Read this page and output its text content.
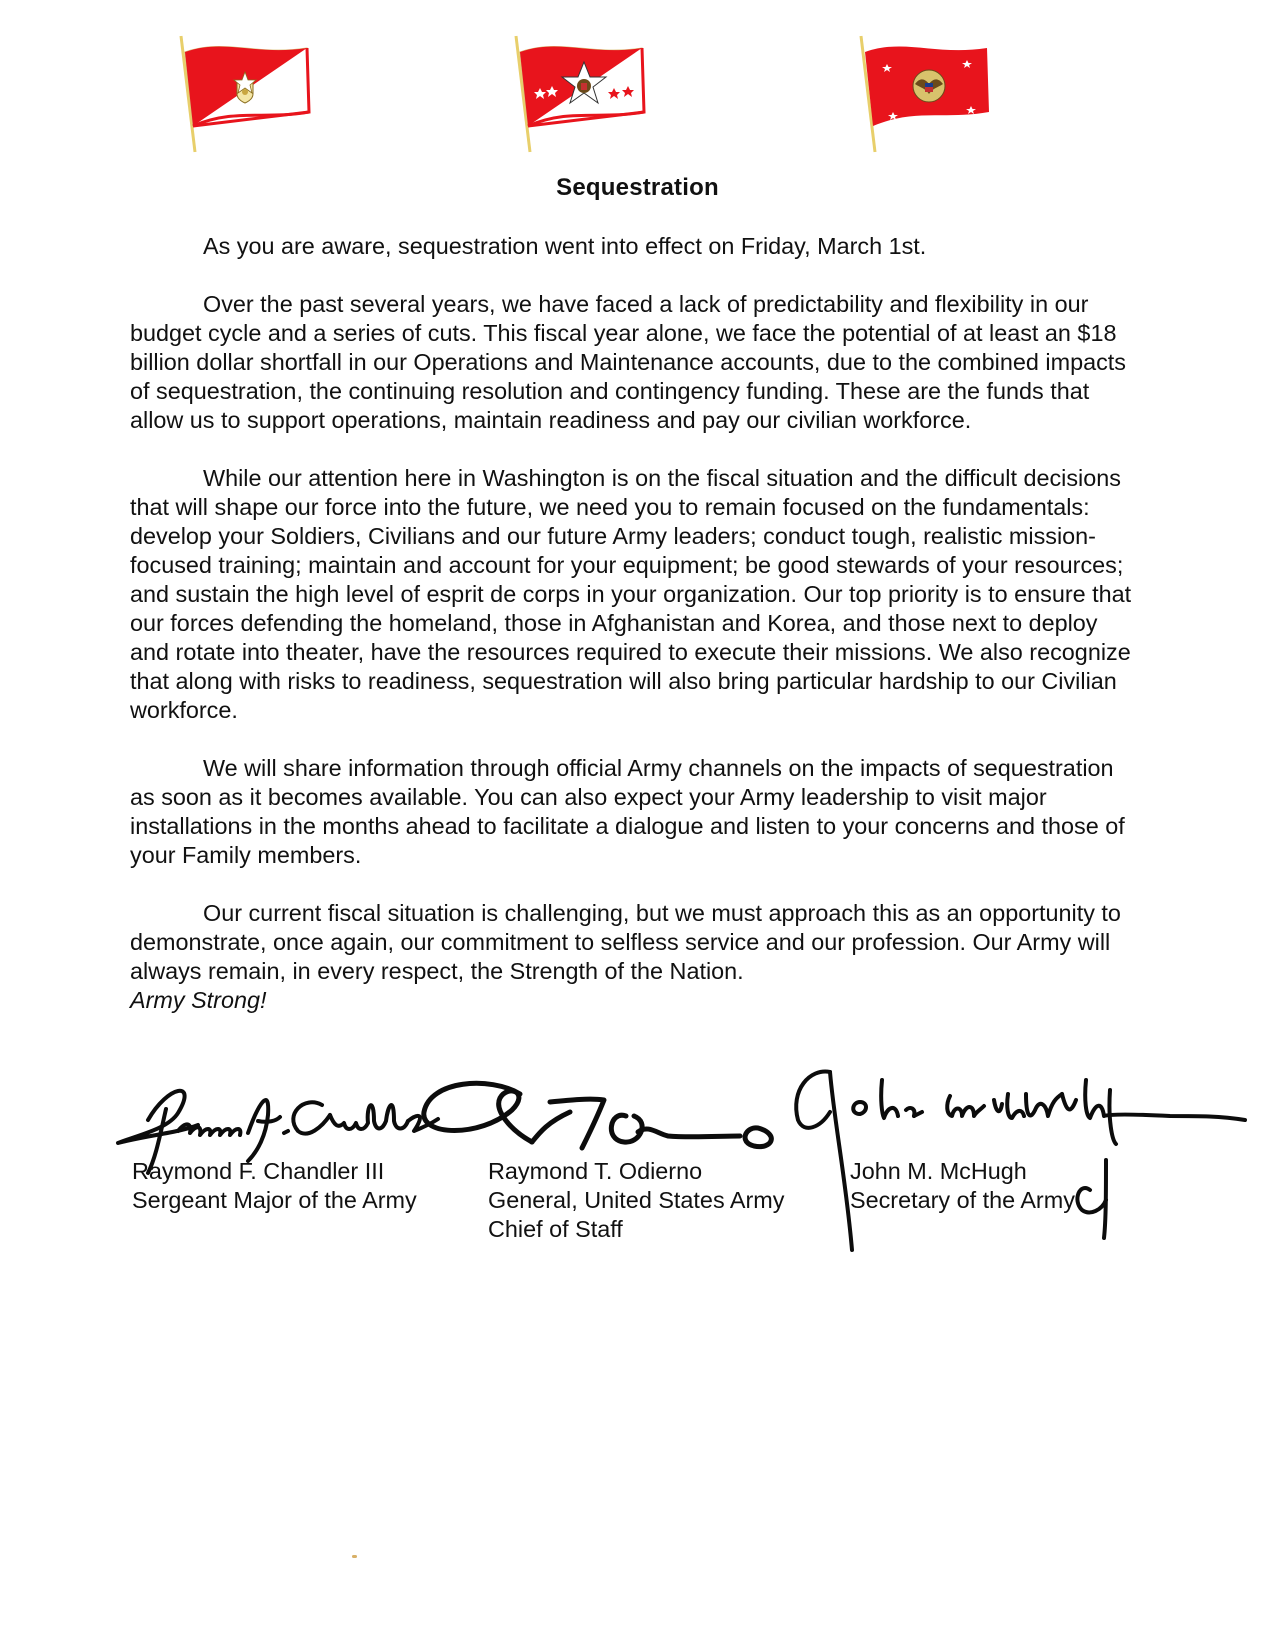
Sequestration

As you are aware, sequestration went into effect on Friday, March 1st.

Over the past several years, we have faced a lack of predictability and flexibility in our budget cycle and a series of cuts. This fiscal year alone, we face the potential of at least an $18 billion dollar shortfall in our Operations and Maintenance accounts, due to the combined impacts of sequestration, the continuing resolution and contingency funding. These are the funds that allow us to support operations, maintain readiness and pay our civilian workforce.

While our attention here in Washington is on the fiscal situation and the difficult decisions that will shape our force into the future, we need you to remain focused on the fundamentals: develop your Soldiers, Civilians and our future Army leaders; conduct tough, realistic mission-focused training; maintain and account for your equipment; be good stewards of your resources; and sustain the high level of esprit de corps in your organization. Our top priority is to ensure that our forces defending the homeland, those in Afghanistan and Korea, and those next to deploy and rotate into theater, have the resources required to execute their missions. We also recognize that along with risks to readiness, sequestration will also bring particular hardship to our Civilian workforce.

We will share information through official Army channels on the impacts of sequestration as soon as it becomes available. You can also expect your Army leadership to visit major installations in the months ahead to facilitate a dialogue and listen to your concerns and those of your Family members.

Our current fiscal situation is challenging, but we must approach this as an opportunity to demonstrate, once again, our commitment to selfless service and our profession. Our Army will always remain, in every respect, the Strength of the Nation.
Army Strong!

Raymond F. Chandler III
Sergeant Major of the Army
Raymond T. Odierno
General, United States Army
Chief of Staff
John M. McHugh
Secretary of the Army
